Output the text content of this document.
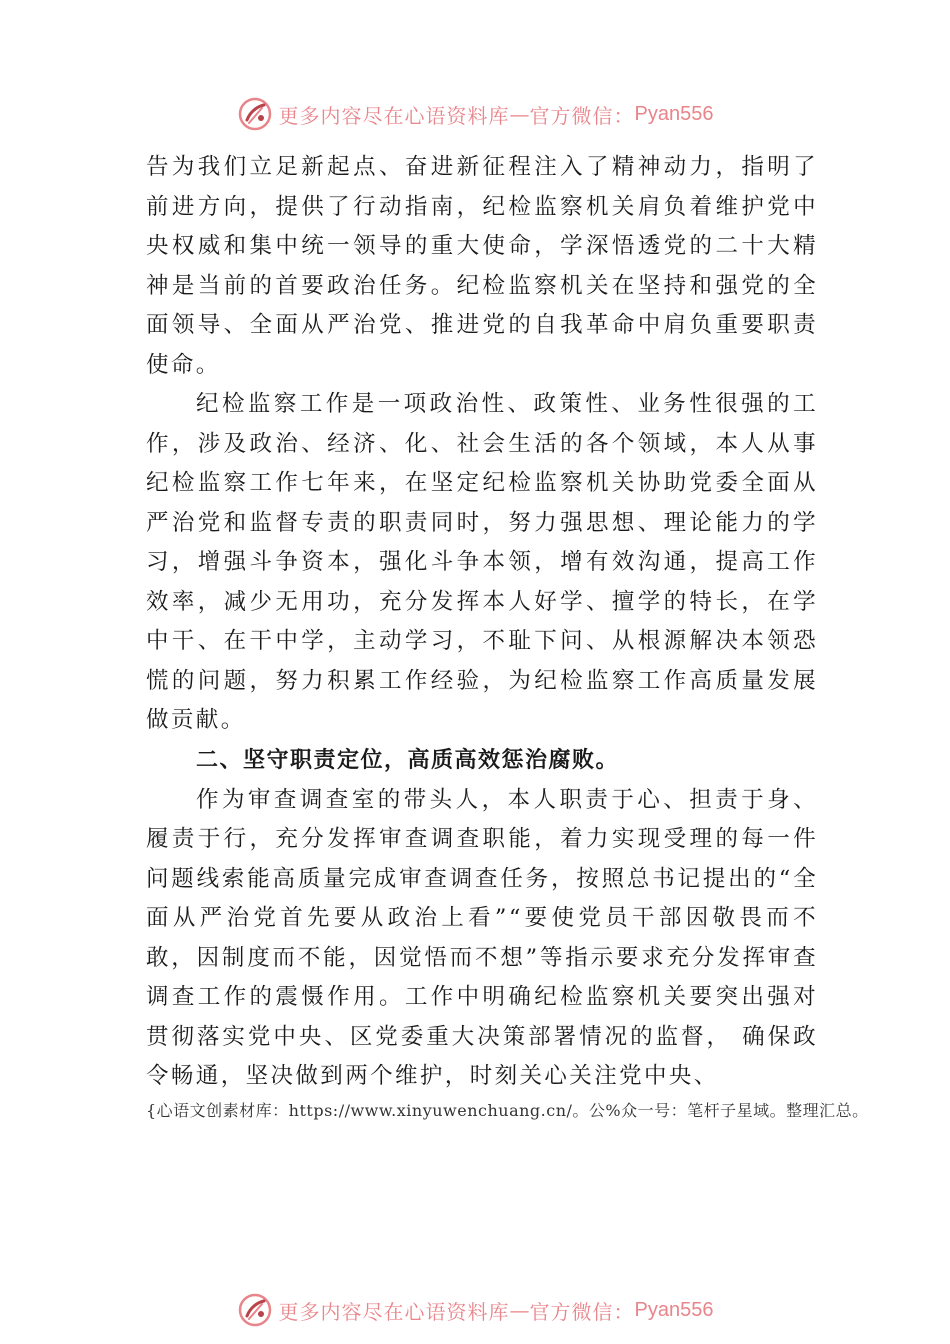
更多内容尽在心语资料库 — 官方微信： Pyan556

告为我们立足新起点、奋进新征程注入了精神动力，指明了前进方向，提供了行动指南，纪检监察机关肩负着维护党中央权威和集中统一领导的重大使命，学深悟透党的二十大精神是当前的首要政治任务。纪检监察机关在坚持和强党的全面领导、全面从严治党、推进党的自我革命中肩负重要职责使命。

纪检监察工作是一项政治性、政策性、业务性很强的工作，涉及政治、经济、化、社会生活的各个领域，本人从事纪检监察工作七年来，在坚定纪检监察机关协助党委全面从严治党和监督专责的职责同时，努力强思想、理论能力的学习，增强斗争资本，强化斗争本领，增有效沟通，提高工作效率，减少无用功，充分发挥本人好学、擅学的特长，在学中干、在干中学，主动学习，不耻下问、从根源解决本领恐慌的问题，努力积累工作经验，为纪检监察工作高质量发展做贡献。

二、坚守职责定位，高质高效惩治腐败。

作为审查调查室的带头人，本人职责于心、担责于身、履责于行，充分发挥审查调查职能，着力实现受理的每一件问题线索能高质量完成审查调查任务，按照总书记提出的“全面从严治党首先要从政治上看”“要使党员干部因敬畏而不敢，因制度而不能，因觉悟而不想”等指示要求充分发挥审查调查工作的震慑作用。工作中明确纪检监察机关要突出强对贯彻落实党中央、区党委重大决策部署情况的监督， 确保政令畅通，坚决做到两个维护，时刻关心关注党中央、

{心语文创素材库：https://www.xinyuwenchuang.cn/。公%众一号：笔杆子星域。整理汇总。
更多内容尽在心语资料库 — 官方微信： Pyan556
